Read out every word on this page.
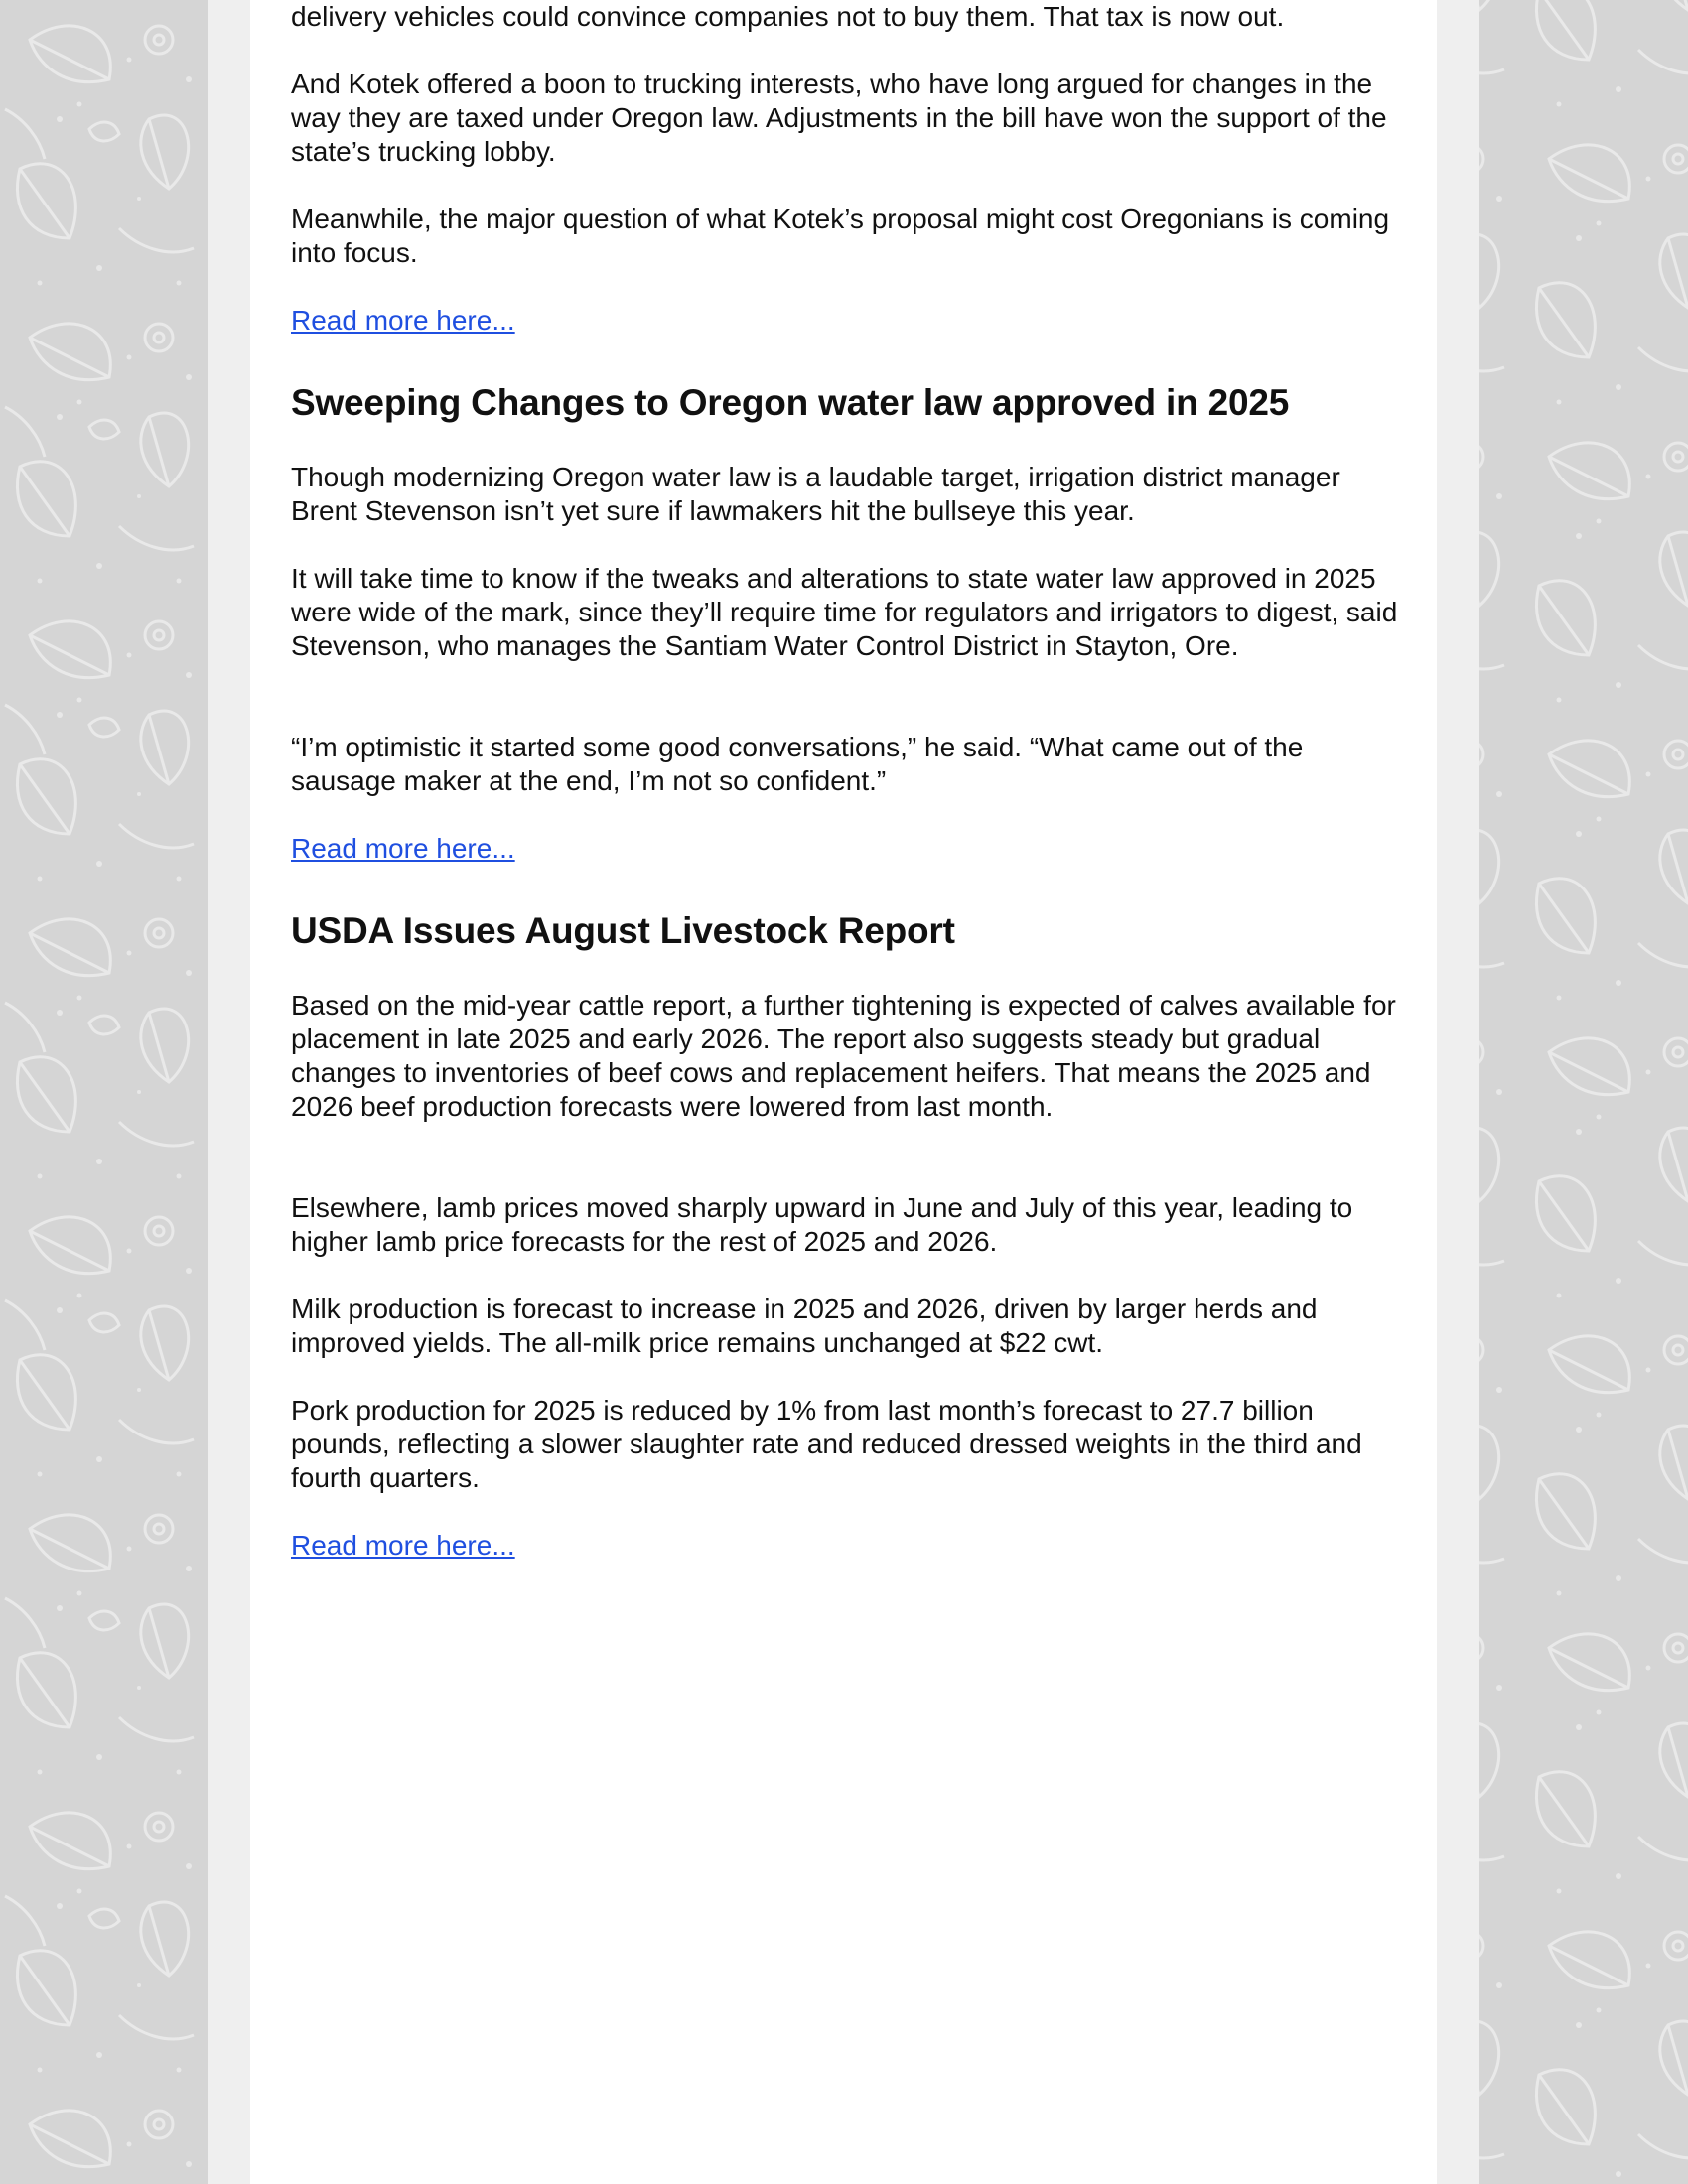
delivery vehicles could convince companies not to buy them. That tax is now out.

And Kotek offered a boon to trucking interests, who have long argued for changes in the way they are taxed under Oregon law. Adjustments in the bill have won the support of the state’s trucking lobby.

Meanwhile, the major question of what Kotek’s proposal might cost Oregonians is coming into focus.

Read more here...
Sweeping Changes to Oregon water law approved in 2025

Though modernizing Oregon water law is a laudable target, irrigation district manager Brent Stevenson isn’t yet sure if lawmakers hit the bullseye this year.

It will take time to know if the tweaks and alterations to state water law approved in 2025 were wide of the mark, since they’ll require time for regulators and irrigators to digest, said Stevenson, who manages the Santiam Water Control District in Stayton, Ore.

“I’m optimistic it started some good conversations,” he said. “What came out of the sausage maker at the end, I’m not so confident.”

Read more here...
USDA Issues August Livestock Report

Based on the mid-year cattle report, a further tightening is expected of calves available for placement in late 2025 and early 2026. The report also suggests steady but gradual changes to inventories of beef cows and replacement heifers. That means the 2025 and 2026 beef production forecasts were lowered from last month.

Elsewhere, lamb prices moved sharply upward in June and July of this year, leading to higher lamb price forecasts for the rest of 2025 and 2026.

Milk production is forecast to increase in 2025 and 2026, driven by larger herds and improved yields. The all-milk price remains unchanged at $22 cwt.

Pork production for 2025 is reduced by 1% from last month’s forecast to 27.7 billion pounds, reflecting a slower slaughter rate and reduced dressed weights in the third and fourth quarters.

Read more here...
